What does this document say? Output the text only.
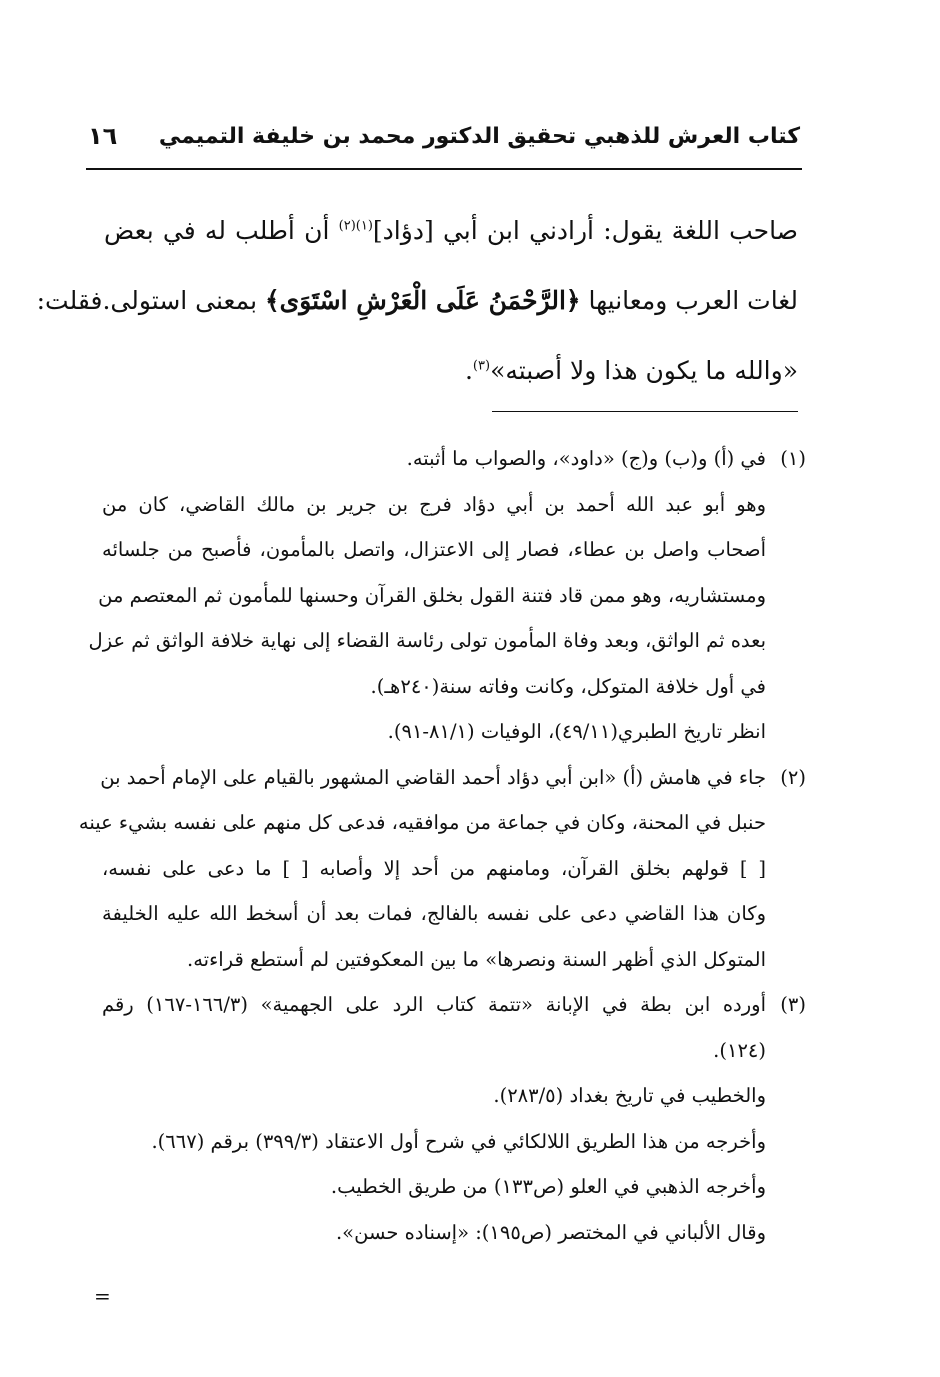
كتاب العرش للذهبي تحقيق الدكتور محمد بن خليفة التميمي
١٦

صاحب اللغة يقول: أرادني ابن أبي [دؤاد]$^{(١)(٢)}$ أن أطلب له في بعض
لغات العرب ومعانيها ﴿الرَّحْمَنُ عَلَى الْعَرْشِ اسْتَوَى﴾ بمعنى استولى.فقلت:
«والله ما يكون هذا ولا أصبته»$^{(٣)}$.

(١)
في (أ) و(ب) و(ج) «داود»، والصواب ما أثبته.
وهو أبو عبد الله أحمد بن أبي دؤاد فرج بن جرير بن مالك القاضي، كان من
أصحاب واصل بن عطاء، فصار إلى الاعتزال، واتصل بالمأمون، فأصبح من جلسائه
ومستشاريه، وهو ممن قاد فتنة القول بخلق القرآن وحسنها للمأمون ثم المعتصم من
بعده ثم الواثق، وبعد وفاة المأمون تولى رئاسة القضاء إلى نهاية خلافة الواثق ثم عزل
في أول خلافة المتوكل، وكانت وفاته سنة(٢٤٠هـ).
انظر تاريخ الطبري(٤٩/١١)، الوفيات (٨١/١-٩١).
(٢)
جاء في هامش (أ) «ابن أبي دؤاد أحمد القاضي المشهور بالقيام على الإمام أحمد بن
حنبل في المحنة، وكان في جماعة من موافقيه، فدعى كل منهم على نفسه بشيء عينه
[ ] قولهم بخلق القرآن، ومامنهم من أحد إلا وأصابه [ ] ما دعى على نفسه،
وكان هذا القاضي دعى على نفسه بالفالج، فمات بعد أن أسخط الله عليه الخليفة
المتوكل الذي أظهر السنة ونصرها» ما بين المعكوفتين لم أستطع قراءته.
(٣)
أورده ابن بطة في الإبانة «تتمة كتاب الرد على الجهمية» (١٦٦/٣-١٦٧) رقم
(١٢٤).
والخطيب في تاريخ بغداد (٢٨٣/٥).
وأخرجه من هذا الطريق اللالكائي في شرح أول الاعتقاد (٣٩٩/٣) برقم (٦٦٧).
وأخرجه الذهبي في العلو (ص١٣٣) من طريق الخطيب.
وقال الألباني في المختصر (ص١٩٥): «إسناده حسن».
=
